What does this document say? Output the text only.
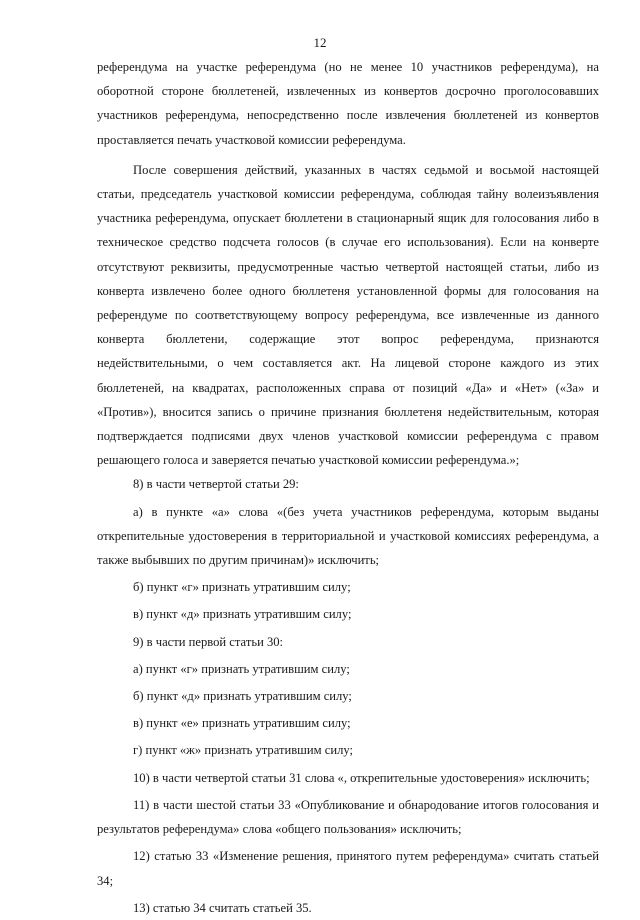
12

референдума на участке референдума (но не менее 10 участников референдума), на оборотной стороне бюллетеней, извлеченных из конвертов досрочно проголосовавших участников референдума, непосредственно после извлечения бюллетеней из конвертов проставляется печать участковой комиссии референдума.

После совершения действий, указанных в частях седьмой и восьмой настоящей статьи, председатель участковой комиссии референдума, соблюдая тайну волеизъявления участника референдума, опускает бюллетени в стационарный ящик для голосования либо в техническое средство подсчета голосов (в случае его использования). Если на конверте отсутствуют реквизиты, предусмотренные частью четвертой настоящей статьи, либо из конверта извлечено более одного бюллетеня установленной формы для голосования на референдуме по соответствующему вопросу референдума, все извлеченные из данного конверта бюллетени, содержащие этот вопрос референдума, признаются недействительными, о чем составляется акт. На лицевой стороне каждого из этих бюллетеней, на квадратах, расположенных справа от позиций «Да» и «Нет» («За» и «Против»), вносится запись о причине признания бюллетеня недействительным, которая подтверждается подписями двух членов участковой комиссии референдума с правом решающего голоса и заверяется печатью участковой комиссии референдума.»;

8) в части четвертой статьи 29:

а) в пункте «а» слова «(без учета участников референдума, которым выданы открепительные удостоверения в территориальной и участковой комиссиях референдума, а также выбывших по другим причинам)» исключить;

б) пункт «г» признать утратившим силу;

в) пункт «д» признать утратившим силу;

9) в части первой статьи 30:

а) пункт «г» признать утратившим силу;

б) пункт «д» признать утратившим силу;

в) пункт «е» признать утратившим силу;

г) пункт «ж» признать утратившим силу;

10) в части четвертой статьи 31 слова «, открепительные удостоверения» исключить;

11) в части шестой статьи 33 «Опубликование и обнародование итогов голосования и результатов референдума» слова «общего пользования» исключить;

12) статью 33 «Изменение решения, принятого путем референдума» считать статьей 34;

13) статью 34 считать статьей 35.
